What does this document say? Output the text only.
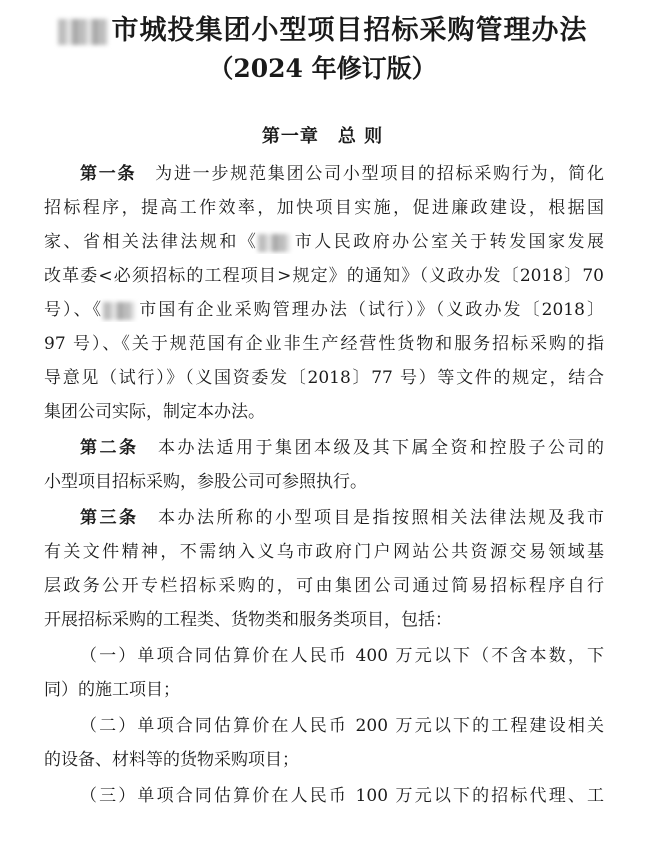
市城投集团小型项目招标采购管理办法
（2024 年修订版）
第一章　总 则
第一条　 为进一步规范集团公司小型项目的招标采购行为，简化
招标程序，提高工作效率，加快项目实施，促进廉政建设，根据国
家、省相关法律法规和《 市人民政府办公室关于转发国家发展
改革委<必须招标的工程项目>规定》的通知》（义政办发〔2018〕70
号）、《 市国有企业采购管理办法（试行）》（义政办发〔2018〕
97 号）、《关于规范国有企业非生产经营性货物和服务招标采购的指
导意见（试行）》（义国资委发〔2018〕77 号）等文件的规定，结合
集团公司实际，制定本办法。
第二条　 本办法适用于集团本级及其下属全资和控股子公司的
小型项目招标采购，参股公司可参照执行。
第三条　 本办法所称的小型项目是指按照相关法律法规及我市
有关文件精神，不需纳入义乌市政府门户网站公共资源交易领域基
层政务公开专栏招标采购的，可由集团公司通过简易招标程序自行
开展招标采购的工程类、货物类和服务类项目，包括：
（一）单项合同估算价在人民币 400 万元以下（不含本数，下
同）的施工项目；
（二）单项合同估算价在人民币 200 万元以下的工程建设相关
的设备、材料等的货物采购项目；
（三）单项合同估算价在人民币 100 万元以下的招标代理、工
